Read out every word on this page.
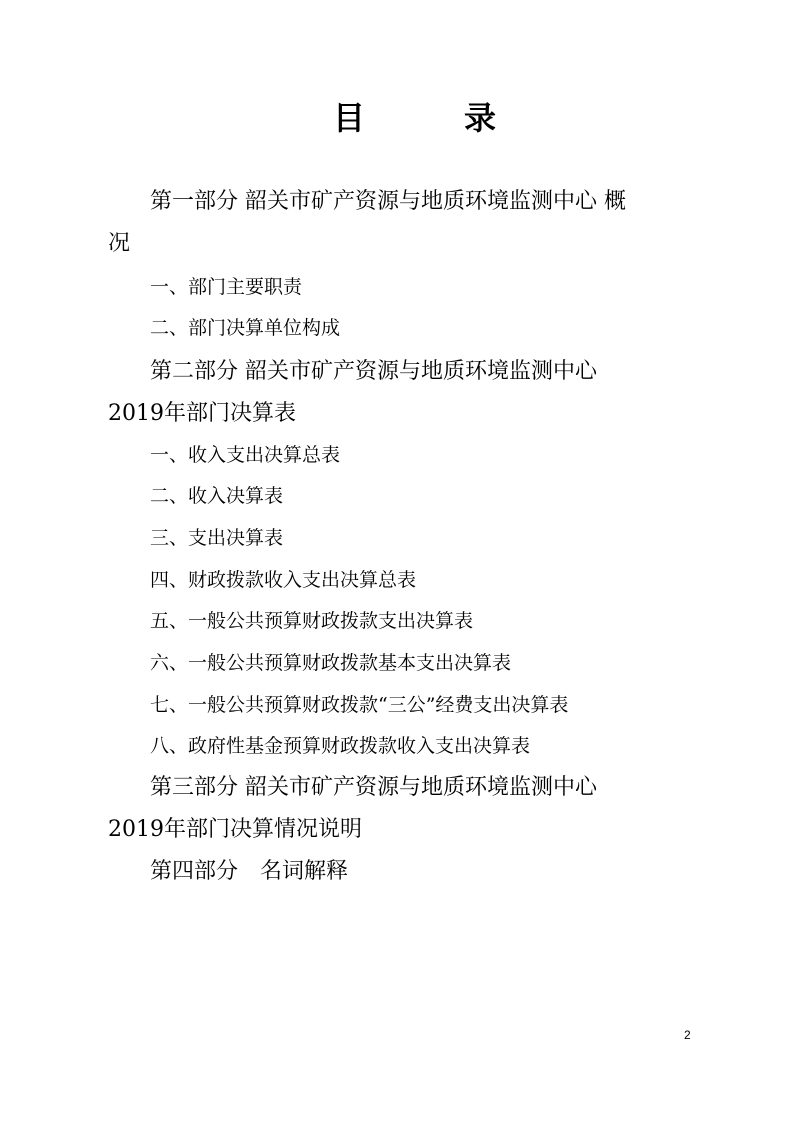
目	录
第一部分 韶关市矿产资源与地质环境监测中心 概
况
一、部门主要职责
二、部门决算单位构成
第二部分 韶关市矿产资源与地质环境监测中心
2019年部门决算表
一、收入支出决算总表
二、收入决算表
三、支出决算表
四、财政拨款收入支出决算总表
五、一般公共预算财政拨款支出决算表
六、一般公共预算财政拨款基本支出决算表
七、一般公共预算财政拨款“三公”经费支出决算表
八、政府性基金预算财政拨款收入支出决算表
第三部分 韶关市矿产资源与地质环境监测中心
2019年部门决算情况说明
第四部分　名词解释
2
